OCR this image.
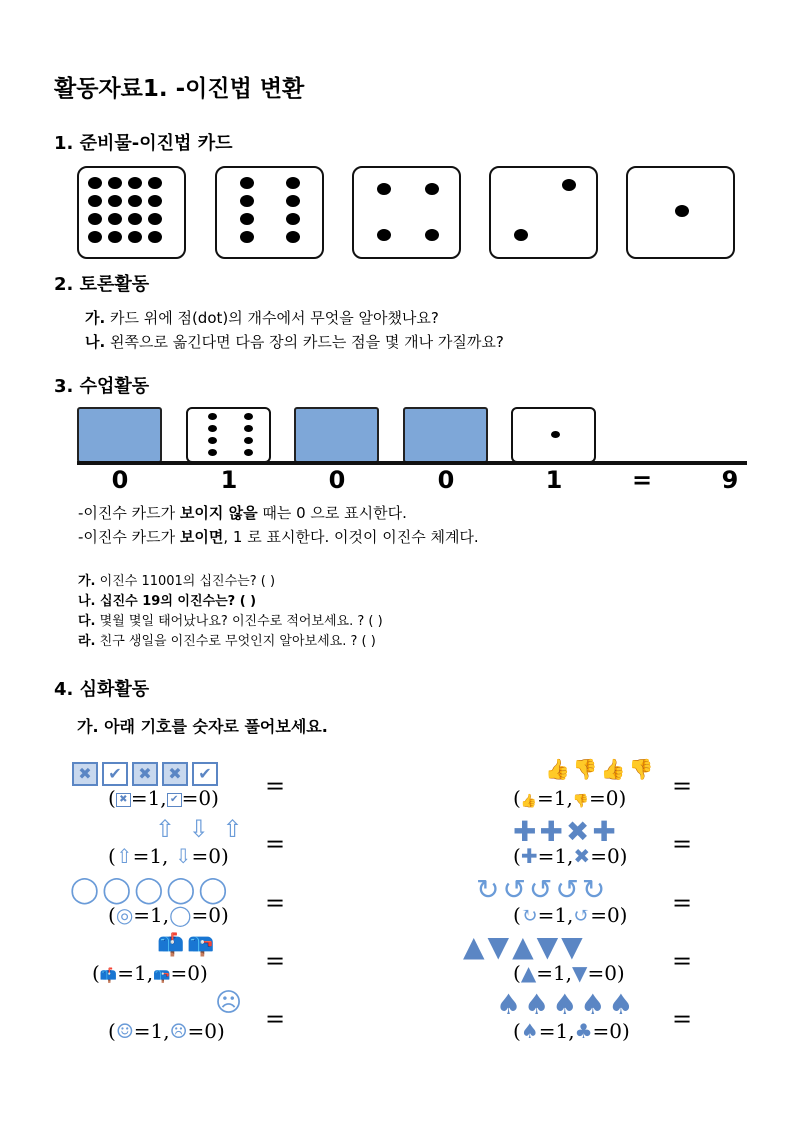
활동자료1. -이진법 변환
1. 준비물-이진법 카드
2. 토론활동
가. 카드 위에 점(dot)의 개수에서 무엇을 알아챘나요?
나. 왼쪽으로 옮긴다면 다음 장의 카드는 점을 몇 개나 가질까요?
3. 수업활동
0	1	0	0	1	=	9
-이진수 카드가 보이지 않을 때는 0 으로 표시한다.
-이진수 카드가 보이면, 1 로 표시한다. 이것이 이진수 체계다.
가. 이진수 11001의 십진수는? ( )
나. 십진수 19의 이진수는? ( )
다. 몇월 몇일 태어났나요? 이진수로 적어보세요. ? ( )
라. 친구 생일을 이진수로 무엇인지 알아보세요. ? ( )
4. 심화활동
가. 아래 기호를 숫자로 풀어보세요.
✖ ✔ ✖ ✖ ✔
( ✖ =1, ✔ =0) =
⇧ ⇩ ⇧
(⇧=1, ⇩=0) =
◯◯◯◯◯
(◎=1,◯=0) =
📫📪
(📫=1,📪=0) =
☹
(☺=1,☹=0) =
👍👎👍👎
(👍=1,👎=0) =
✚✚✖✚
(✚=1,✖=0) =
↻↺↺↺↻
(↻=1,↺=0) =
▲▼▲▼▼
(▲=1,▼=0) =
♠♠♠♠♠
(♠=1,♣=0) =
